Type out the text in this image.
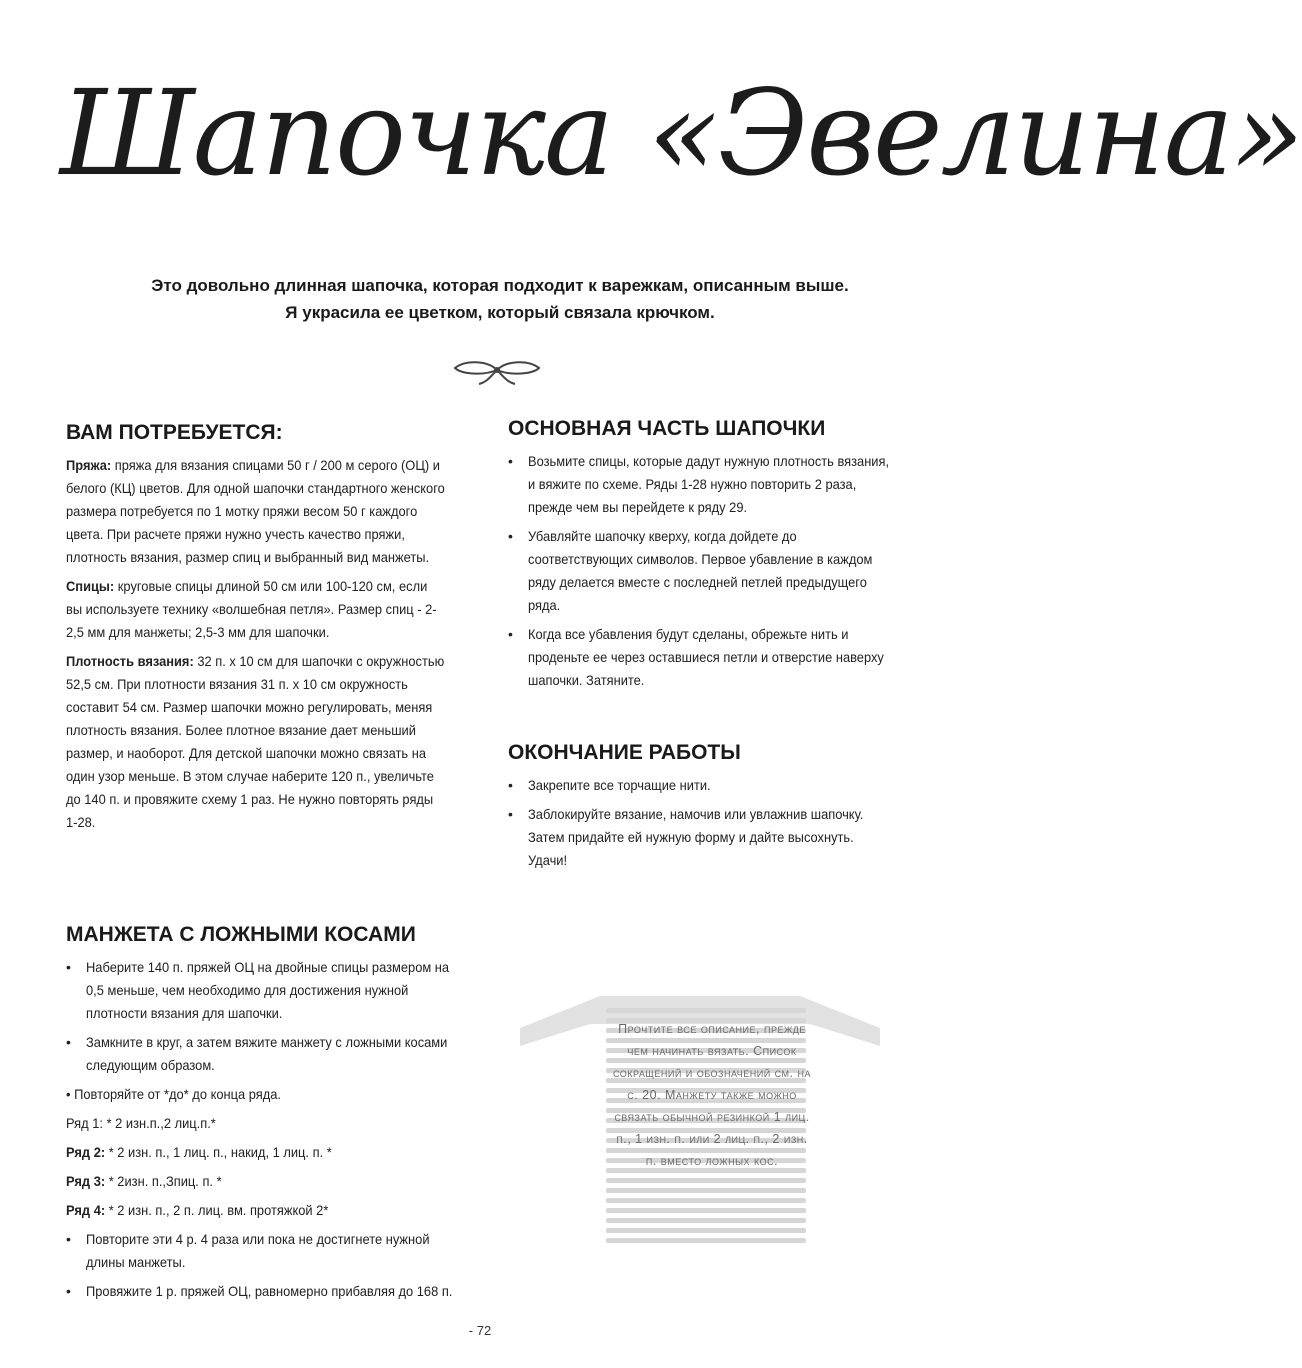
Шапочка «Эвелина»
Это довольно длинная шапочка, которая подходит к варежкам, описанным выше.
Я украсила ее цветком, который связала крючком.
ВАМ ПОТРЕБУЕТСЯ:

Пряжа: пряжа для вязания спицами 50 г / 200 м серого (ОЦ) и белого (КЦ) цветов. Для одной шапочки стандартного женского размера потребуется по 1 мотку пряжи весом 50 г каждого цвета. При расчете пряжи нужно учесть качество пряжи, плотность вязания, размер спиц и выбранный вид манжеты.

Спицы: круговые спицы длиной 50 см или 100-120 см, если вы используете технику «волшебная петля». Размер спиц - 2-2,5 мм для манжеты; 2,5-3 мм для шапочки.

Плотность вязания: 32 п. х 10 см для шапочки с окружностью 52,5 см. При плотности вязания 31 п. х 10 см окружность составит 54 см. Размер шапочки можно регулировать, меняя плотность вязания. Более плотное вязание дает меньший размер, и наоборот. Для детской шапочки можно связать на один узор меньше. В этом случае наберите 120 п., увеличьте до 140 п. и провяжите схему 1 раз. Не нужно повторять ряды 1-28.

МАНЖЕТА С ЛОЖНЫМИ КОСАМИ
• Наберите 140 п. пряжей ОЦ на двойные спицы размером на 0,5 меньше, чем необходимо для достижения нужной плотности вязания для шапочки.
• Замкните в круг, а затем вяжите манжету с ложными косами следующим образом.
• Повторяйте от *до* до конца ряда.
Ряд 1: * 2 изн.п.,2 лиц.п.*
Ряд 2: * 2 изн. п., 1 лиц. п., накид, 1 лиц. п. *
Ряд 3: * 2изн. п.,Зпиц. п. *
Ряд 4: * 2 изн. п., 2 п. лиц. вм. протяжкой 2*
• Повторите эти 4 р. 4 раза или пока не достигнете нужной длины манжеты.
• Провяжите 1 р. пряжей ОЦ, равномерно прибавляя до 168 п.
ОСНОВНАЯ ЧАСТЬ ШАПОЧКИ
• Возьмите спицы, которые дадут нужную плотность вязания, и вяжите по схеме. Ряды 1-28 нужно повторить 2 раза, прежде чем вы перейдете к ряду 29.
• Убавляйте шапочку кверху, когда дойдете до соответствующих символов. Первое убавление в каждом ряду делается вместе с последней петлей предыдущего ряда.
• Когда все убавления будут сделаны, обрежьте нить и проденьте ее через оставшиеся петли и отверстие наверху шапочки. Затяните.
ОКОНЧАНИЕ РАБОТЫ
• Закрепите все торчащие нити.
• Заблокируйте вязание, намочив или увлажнив шапочку. Затем придайте ей нужную форму и дайте высохнуть. Удачи!
Прочтите все описание, прежде чем начинать вязать. Список сокращений и обозначений см. на с. 20. Манжету также можно связать обычной резинкой 1 лиц. п., 1 изн. п. или 2 лиц. п., 2 изн. п. вместо ложных кос.
- 72
